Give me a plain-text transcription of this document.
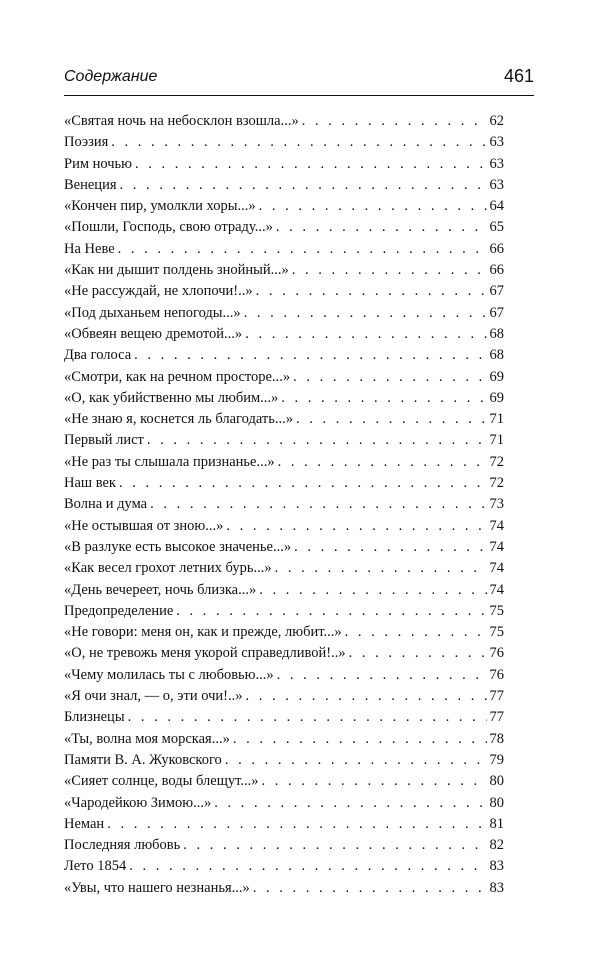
Содержание	461
«Святая ночь на небосклон взошла...» . . .	62
Поэзия . . .	63
Рим ночью . . .	63
Венеция . . .	63
«Кончен пир, умолкли хоры...» . . .	64
«Пошли, Господь, свою отраду...» . . .	65
На Неве . . .	66
«Как ни дышит полдень знойный...» . . .	66
«Не рассуждай, не хлопочи!..» . . .	67
«Под дыханьем непогоды...» . . .	67
«Обвеян вещею дремотой...» . . .	68
Два голоса . . .	68
«Смотри, как на речном просторе...» . . .	69
«О, как убийственно мы любим...» . . .	69
«Не знаю я, коснется ль благодать...» . . .	71
Первый лист . . .	71
«Не раз ты слышала признанье...» . . .	72
Наш век . . .	72
Волна и дума . . .	73
«Не остывшая от зною...» . . .	74
«В разлуке есть высокое значенье...» . . .	74
«Как весел грохот летних бурь...» . . .	74
«День вечереет, ночь близка...» . . .	74
Предопределение . . .	75
«Не говори: меня он, как и прежде, любит...» . . .	75
«О, не тревожь меня укорой справедливой!..» . . .	76
«Чему молилась ты с любовью...» . . .	76
«Я очи знал, — о, эти очи!..» . . .	77
Близнецы . . .	77
«Ты, волна моя морская...» . . .	78
Памяти В. А. Жуковского . . .	79
«Сияет солнце, воды блещут...» . . .	80
«Чародейкою Зимою...» . . .	80
Неман . . .	81
Последняя любовь . . .	82
Лето 1854 . . .	83
«Увы, что нашего незнанья...» . . .	83
